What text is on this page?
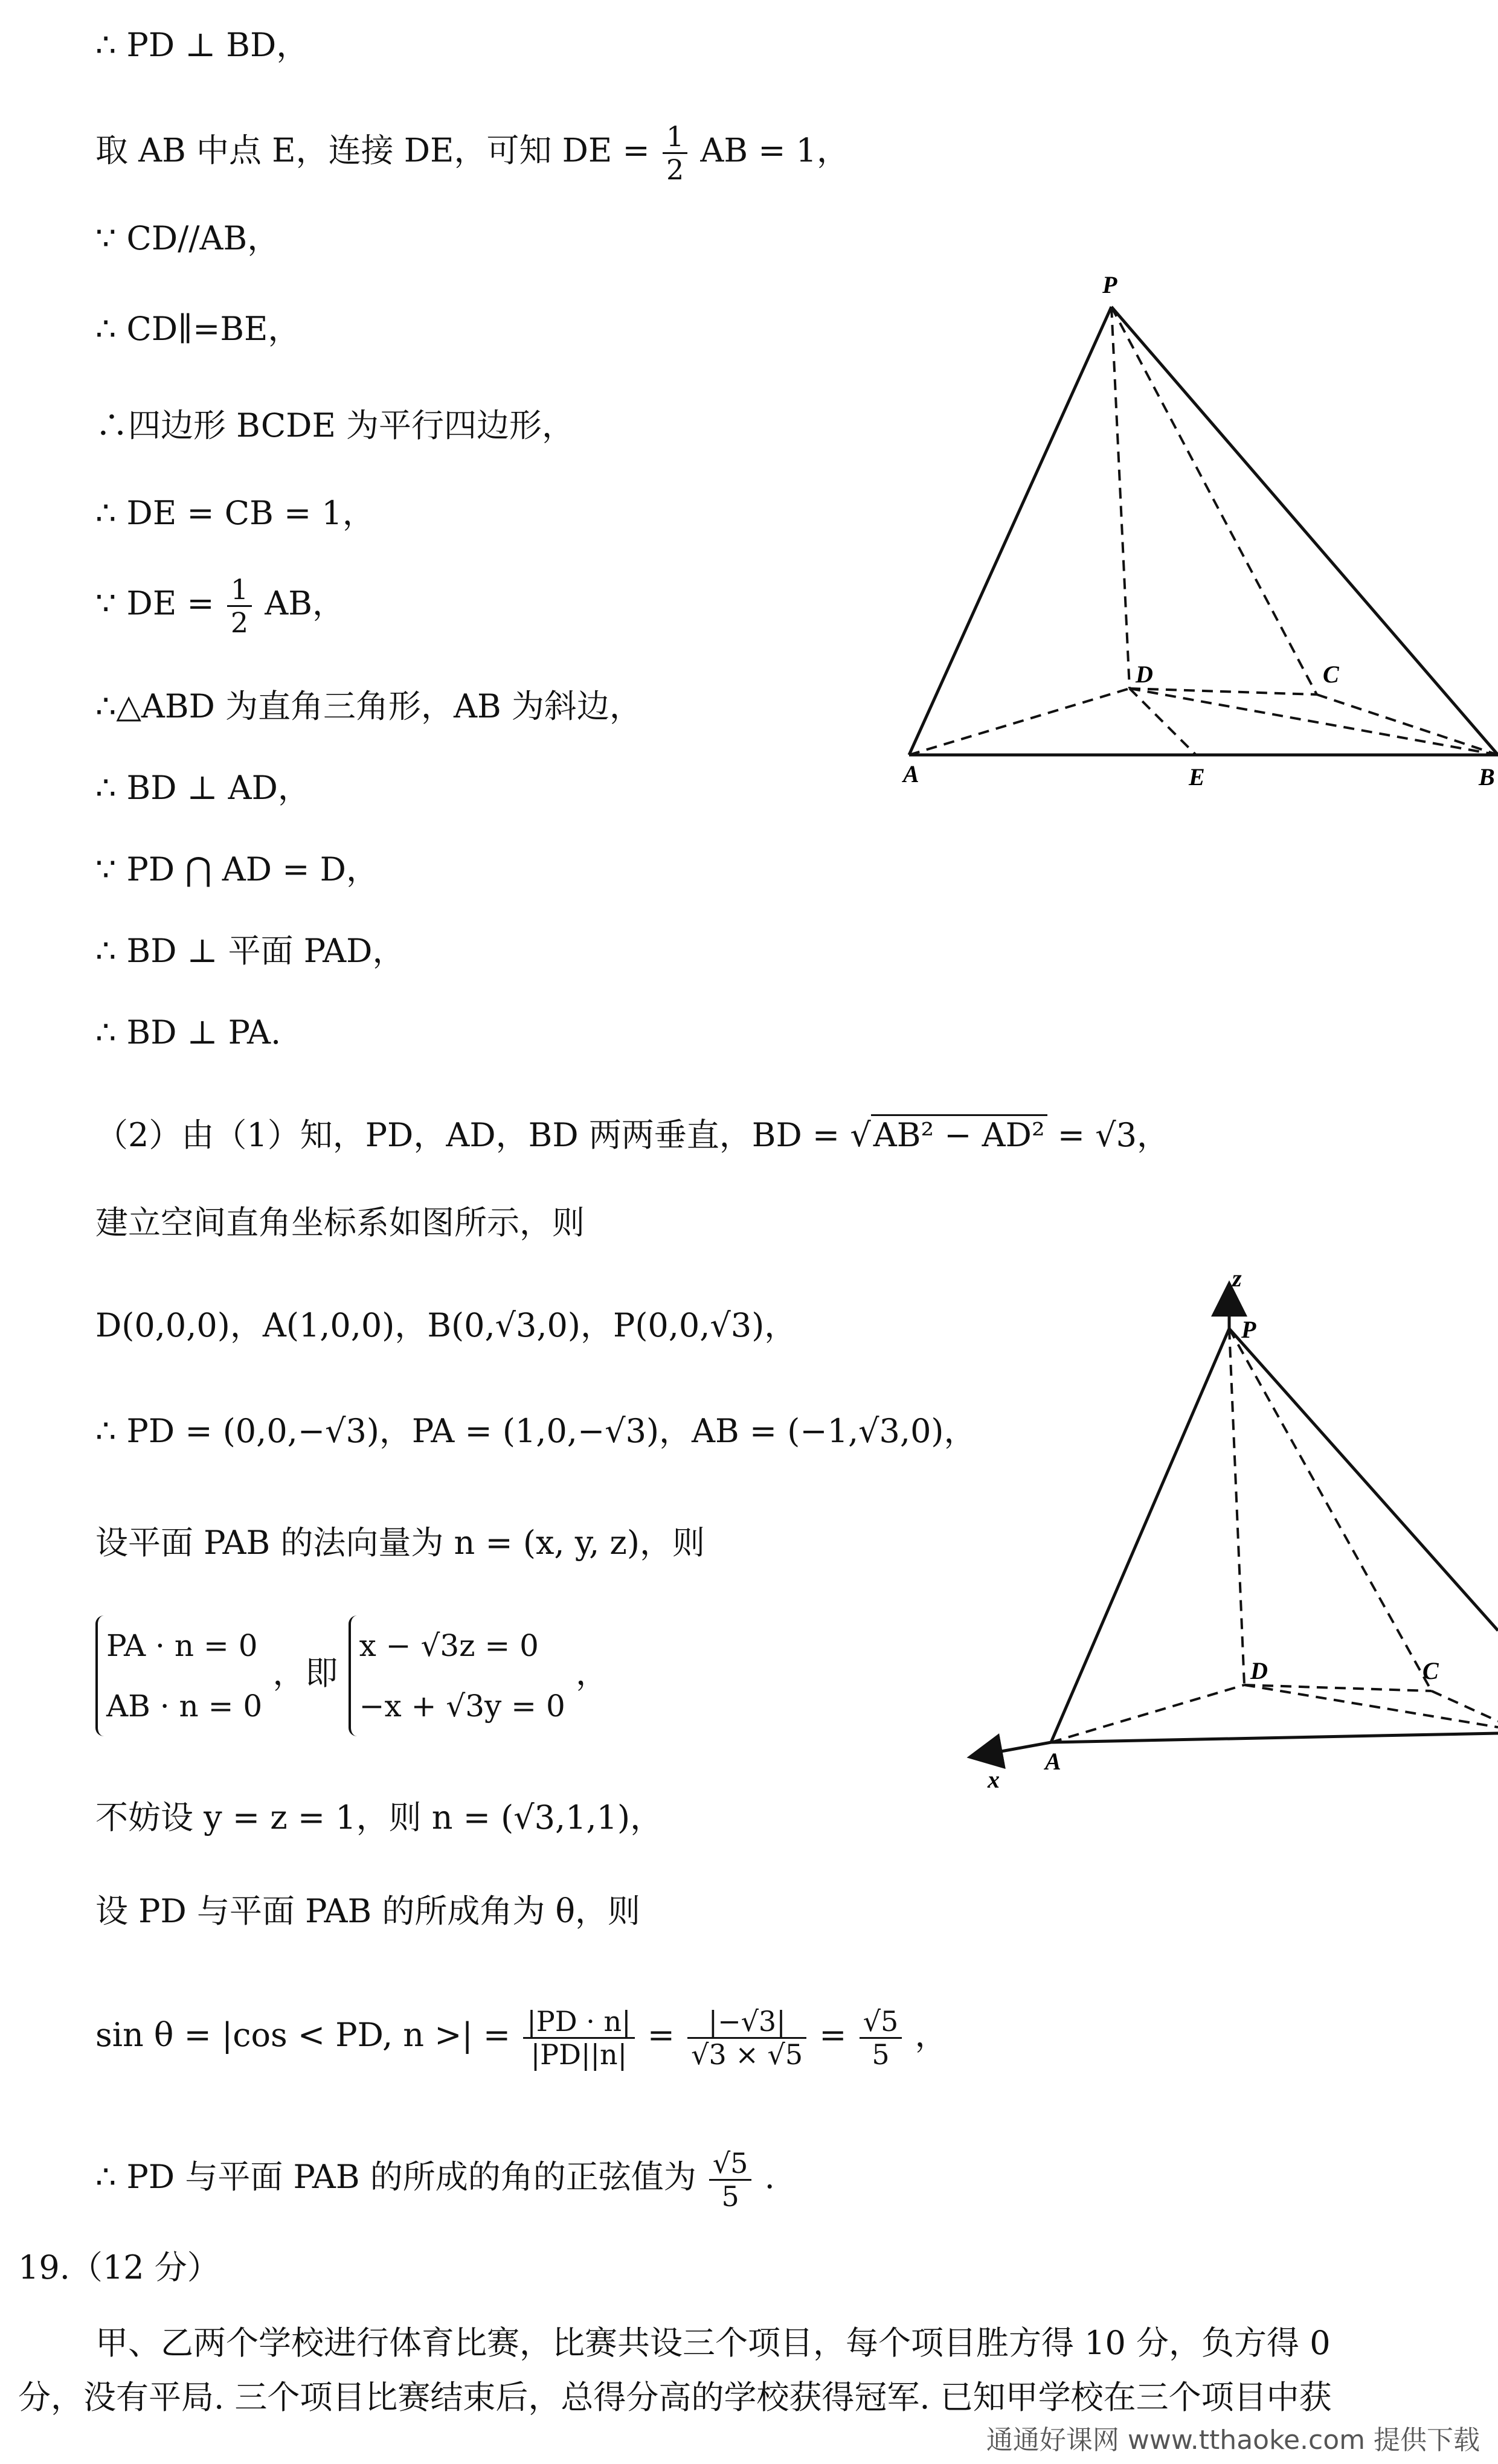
∴ PD ⊥ BD，
取 AB 中点 E，连接 DE，可知 DE = $\frac{1}{2}$ AB = 1，
∵ CD//AB，
∴ CD∥=BE，
∴四边形 BCDE 为平行四边形，
∴ DE = CB = 1，
∵ DE = $\frac{1}{2}$ AB，
∴△ABD 为直角三角形，AB 为斜边，
∴ BD ⊥ AD，
∵ PD ⋂ AD = D，
∴ BD ⊥ 平面 PAD，
∴ BD ⊥ PA.
（2）由（1）知，PD，AD，BD 两两垂直，BD = √AB² − AD² = √3，
建立空间直角坐标系如图所示，则
D(0,0,0)，A(1,0,0)，B(0,√3,0)，P(0,0,√3)，
∴ PD = (0,0,−√3)，PA = (1,0,−√3)，AB = (−1,√3,0)，
设平面 PAB 的法向量为 n = (x, y, z)，则
PA · n = 0
AB · n = 0
，即
x − √3z = 0
−x + √3y = 0
，
不妨设 y = z = 1，则 n = (√3,1,1)，
设 PD 与平面 PAB 的所成角为 θ，则
sin θ = |cos < PD, n >| = $\frac{|PD \cdot n|}{|PD||n|} = \frac{|-√3|}{√3 \times √5} = \frac{√5}{5}$ ，
∴ PD 与平面 PAB 的所成的角的正弦值为 $\frac{√5}{5}$ .
19.（12 分）
甲、乙两个学校进行体育比赛，比赛共设三个项目，每个项目胜方得 10 分，负方得 0
分，没有平局. 三个项目比赛结束后，总得分高的学校获得冠军. 已知甲学校在三个项目中获
P
D	C
A	E	B
z
P
D	C
A
x
通通好课网 www.tthaoke.com 提供下载
